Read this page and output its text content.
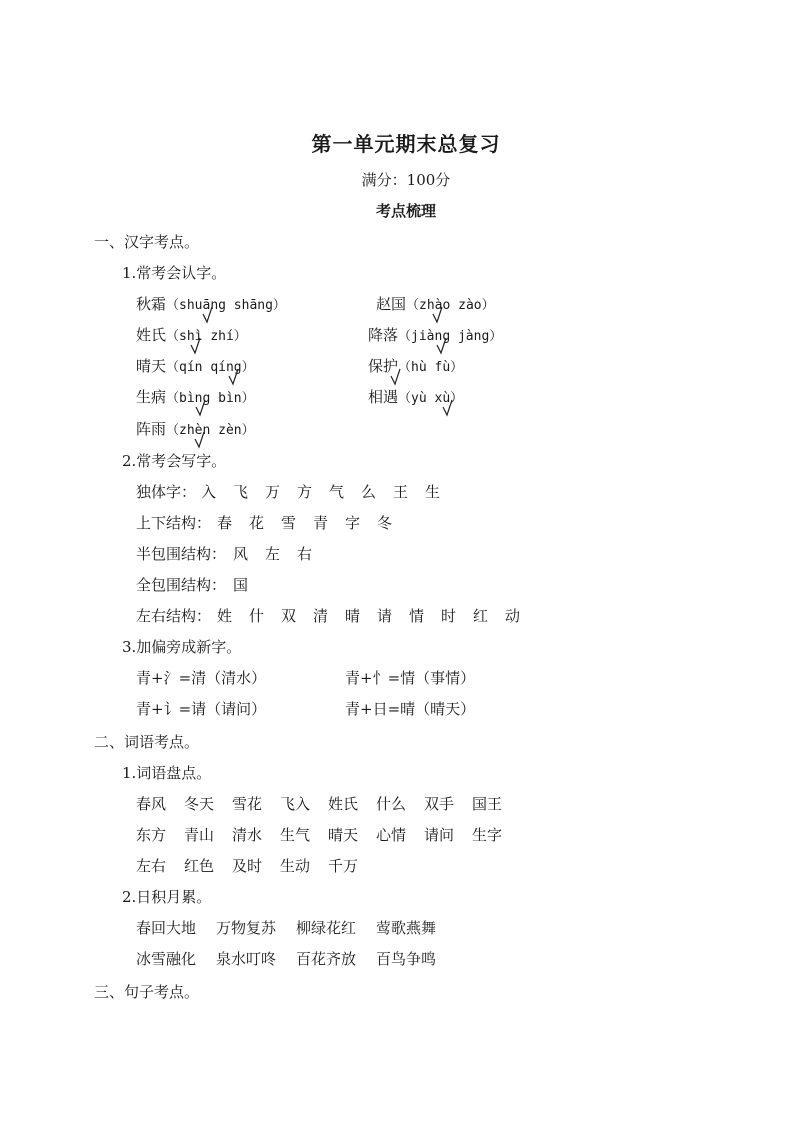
第一单元期末总复习
满分：100分
考点梳理
一、汉字考点。
1.常考会认字。
秋霜（shuāng shāng）	赵国（zhào zào）
姓氏（shì zhí）	降落（jiàng jàng）
晴天（qín qíng）	保护（hù fù）
生病（bìng bìn）	相遇（yù xù）
阵雨（zhèn zèn）
2.常考会写字。
独体字： 入 飞 万 方 气 么 王 生
上下结构： 春 花 雪 青 字 冬
半包围结构： 风 左 右
全包围结构： 国
左右结构： 姓 什 双 清 晴 请 情 时 红 动
3.加偏旁成新字。
青+氵=清（清水）	青+忄=情（事情）
青+讠=请（请问）	青+日=晴（晴天）
二、词语考点。
1.词语盘点。
春风 冬天 雪花 飞入 姓氏 什么 双手 国王
东方 青山 清水 生气 晴天 心情 请问 生字
左右 红色 及时 生动 千万
2.日积月累。
春回大地 万物复苏 柳绿花红 莺歌燕舞
冰雪融化 泉水叮咚 百花齐放 百鸟争鸣
三、句子考点。
